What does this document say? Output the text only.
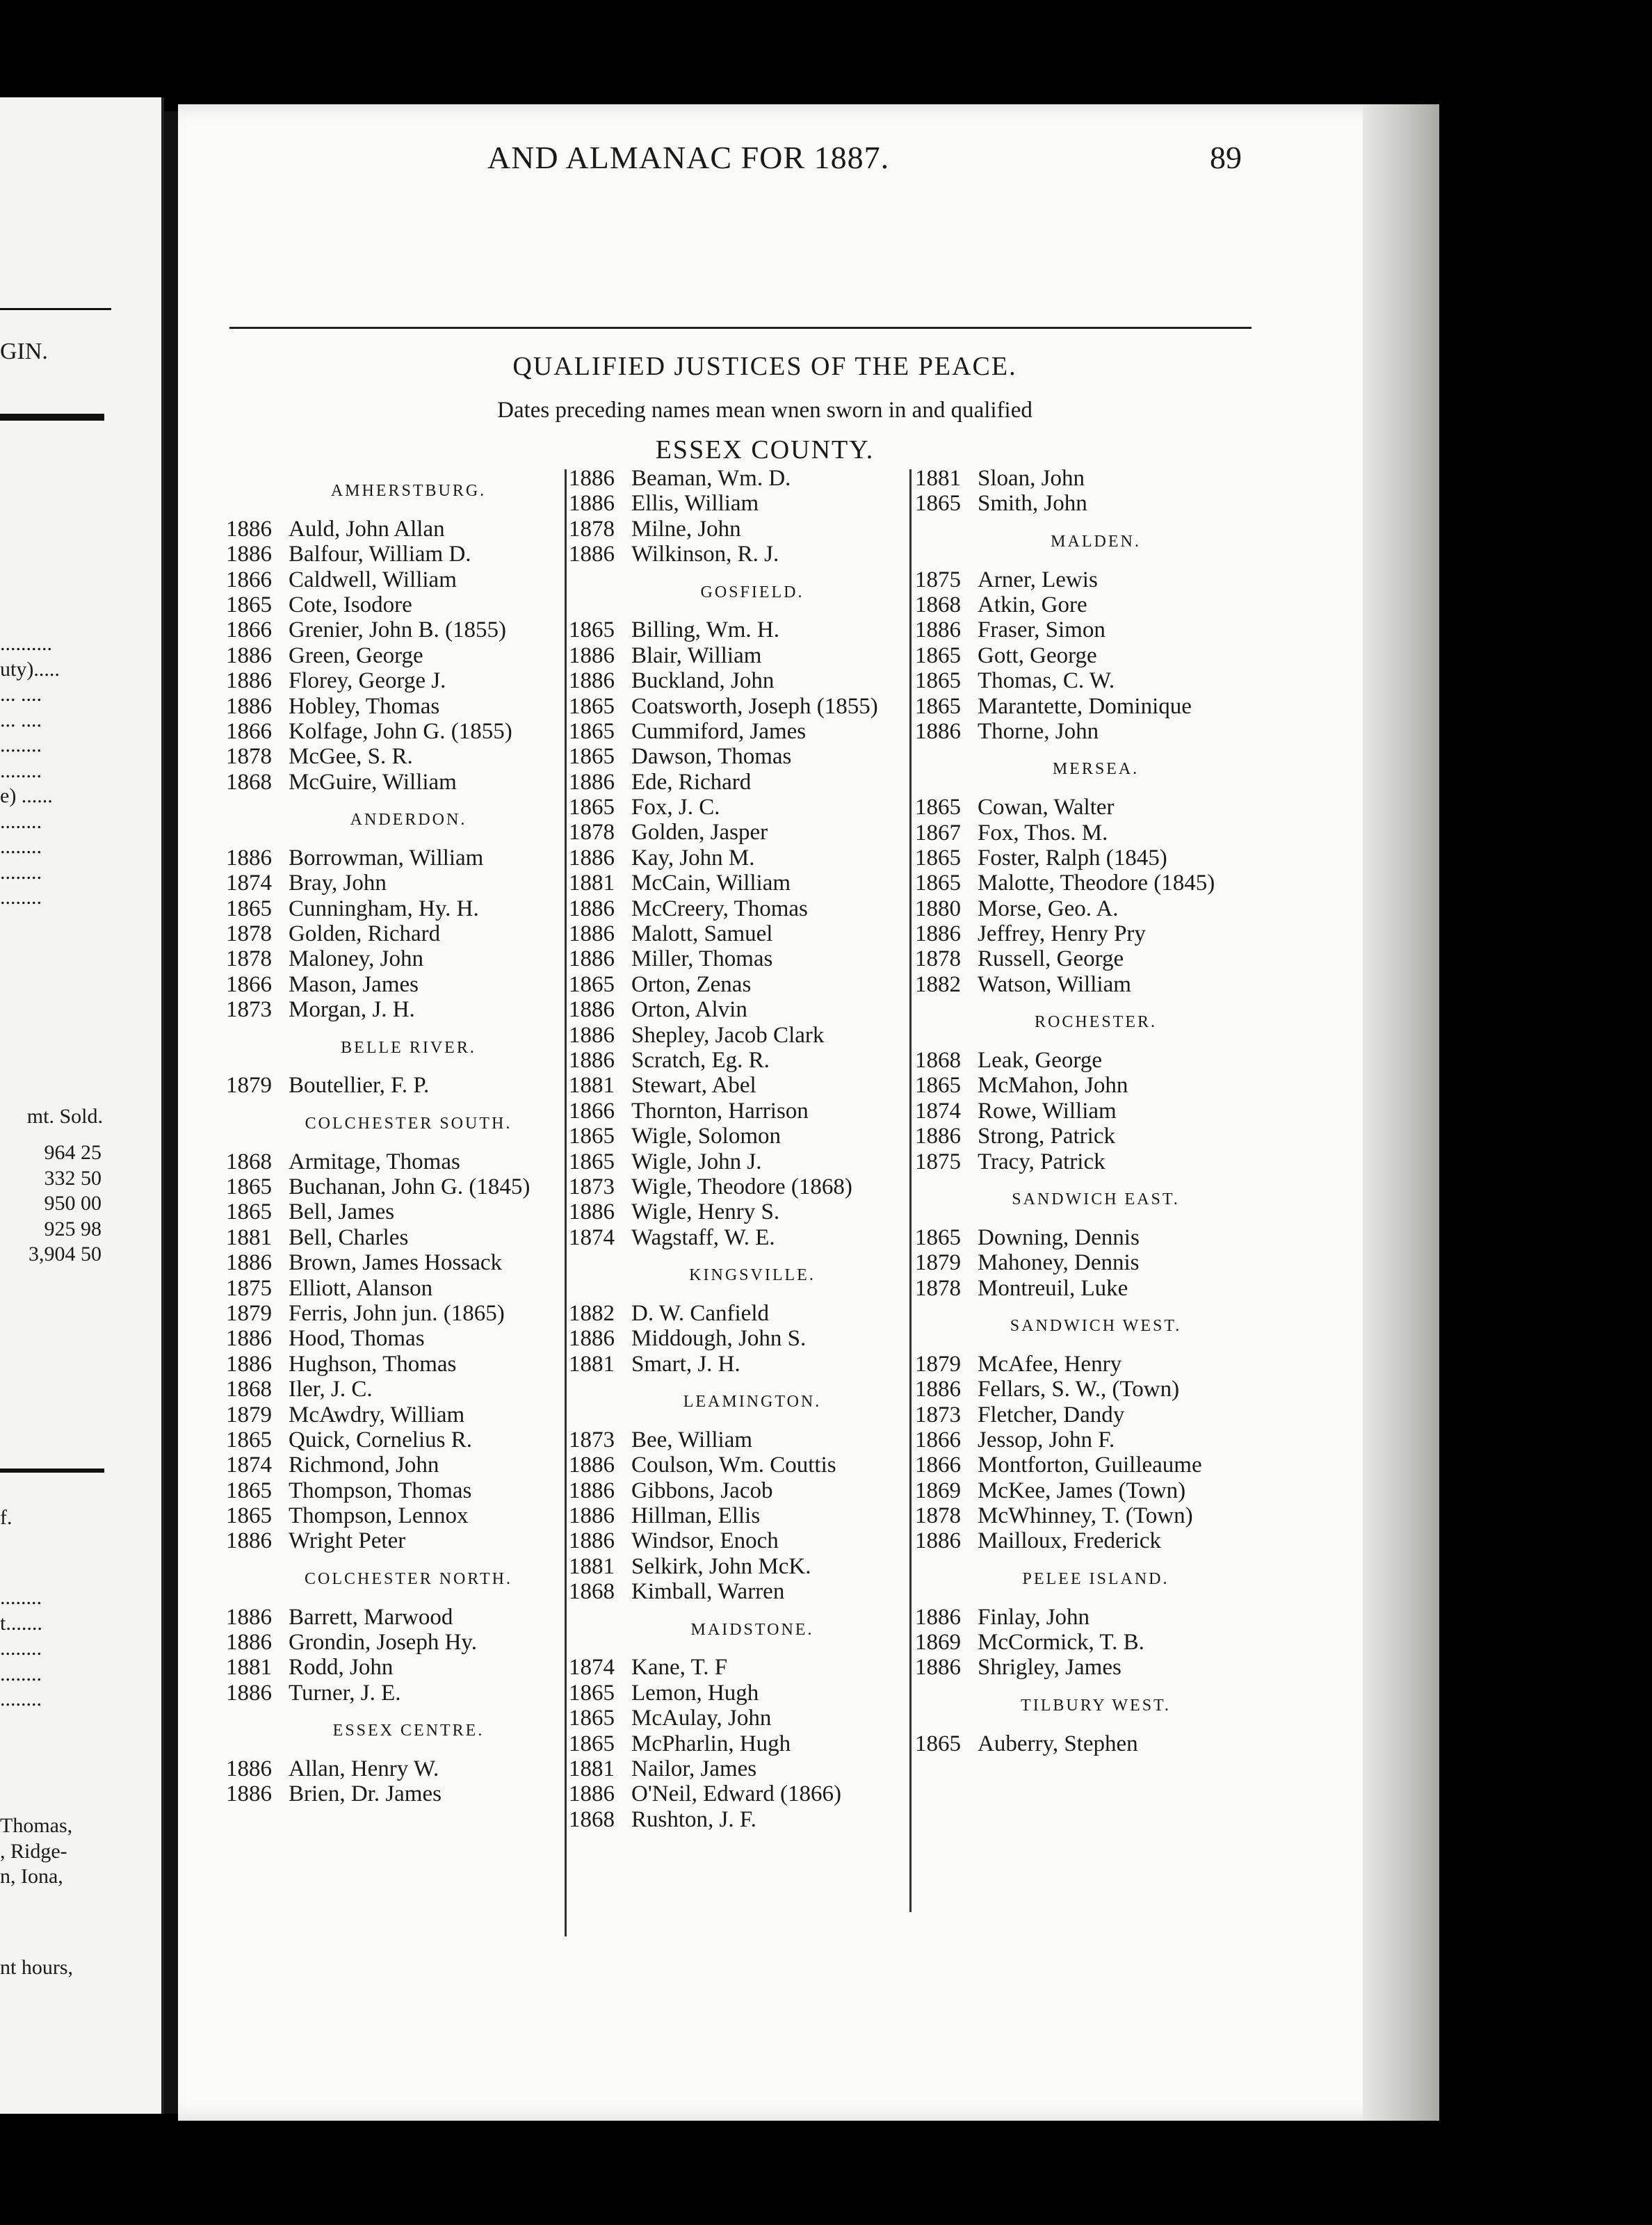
GIN.
..........
uty).....
... ....
... ....
........
........
e) ......
........
........
........
........
mt. Sold.
964 25
332 50
950 00
925 98
3,904 50
f.
........
t.......
........
........
........
Thomas,
, Ridge-
n, Iona,
nt hours,
AND ALMANAC FOR 1887.	89
QUALIFIED JUSTICES OF THE PEACE.
Dates preceding names mean wnen sworn in and qualified
ESSEX COUNTY.
AMHERSTBURG.
1886 Auld, John Allan
1886 Balfour, William D.
1866 Caldwell, William
1865 Cote, Isodore
1866 Grenier, John B. (1855)
1886 Green, George
1886 Florey, George J.
1886 Hobley, Thomas
1866 Kolfage, John G. (1855)
1878 McGee, S. R.
1868 McGuire, William
ANDERDON.
1886 Borrowman, William
1874 Bray, John
1865 Cunningham, Hy. H.
1878 Golden, Richard
1878 Maloney, John
1866 Mason, James
1873 Morgan, J. H.
BELLE RIVER.
1879 Boutellier, F. P.
COLCHESTER SOUTH.
1868 Armitage, Thomas
1865 Buchanan, John G. (1845)
1865 Bell, James
1881 Bell, Charles
1886 Brown, James Hossack
1875 Elliott, Alanson
1879 Ferris, John jun. (1865)
1886 Hood, Thomas
1886 Hughson, Thomas
1868 Iler, J. C.
1879 McAwdry, William
1865 Quick, Cornelius R.
1874 Richmond, John
1865 Thompson, Thomas
1865 Thompson, Lennox
1886 Wright Peter
COLCHESTER NORTH.
1886 Barrett, Marwood
1886 Grondin, Joseph Hy.
1881 Rodd, John
1886 Turner, J. E.
ESSEX CENTRE.
1886 Allan, Henry W.
1886 Brien, Dr. James
1886 Beaman, Wm. D.
1886 Ellis, William
1878 Milne, John
1886 Wilkinson, R. J.
GOSFIELD.
1865 Billing, Wm. H.
1886 Blair, William
1886 Buckland, John
1865 Coatsworth, Joseph (1855)
1865 Cummiford, James
1865 Dawson, Thomas
1886 Ede, Richard
1865 Fox, J. C.
1878 Golden, Jasper
1886 Kay, John M.
1881 McCain, William
1886 McCreery, Thomas
1886 Malott, Samuel
1886 Miller, Thomas
1865 Orton, Zenas
1886 Orton, Alvin
1886 Shepley, Jacob Clark
1886 Scratch, Eg. R.
1881 Stewart, Abel
1866 Thornton, Harrison
1865 Wigle, Solomon
1865 Wigle, John J.
1873 Wigle, Theodore (1868)
1886 Wigle, Henry S.
1874 Wagstaff, W. E.
KINGSVILLE.
1882 D. W. Canfield
1886 Middough, John S.
1881 Smart, J. H.
LEAMINGTON.
1873 Bee, William
1886 Coulson, Wm. Couttis
1886 Gibbons, Jacob
1886 Hillman, Ellis
1886 Windsor, Enoch
1881 Selkirk, John McK.
1868 Kimball, Warren
MAIDSTONE.
1874 Kane, T. F
1865 Lemon, Hugh
1865 McAulay, John
1865 McPharlin, Hugh
1881 Nailor, James
1886 O'Neil, Edward (1866)
1868 Rushton, J. F.
1881 Sloan, John
1865 Smith, John
MALDEN.
1875 Arner, Lewis
1868 Atkin, Gore
1886 Fraser, Simon
1865 Gott, George
1865 Thomas, C. W.
1865 Marantette, Dominique
1886 Thorne, John
MERSEA.
1865 Cowan, Walter
1867 Fox, Thos. M.
1865 Foster, Ralph (1845)
1865 Malotte, Theodore (1845)
1880 Morse, Geo. A.
1886 Jeffrey, Henry Pry
1878 Russell, George
1882 Watson, William
ROCHESTER.
1868 Leak, George
1865 McMahon, John
1874 Rowe, William
1886 Strong, Patrick
1875 Tracy, Patrick
SANDWICH EAST.
1865 Downing, Dennis
1879 Mahoney, Dennis
1878 Montreuil, Luke
SANDWICH WEST.
1879 McAfee, Henry
1886 Fellars, S. W., (Town)
1873 Fletcher, Dandy
1866 Jessop, John F.
1866 Montforton, Guilleaume
1869 McKee, James (Town)
1878 McWhinney, T. (Town)
1886 Mailloux, Frederick
PELEE ISLAND.
1886 Finlay, John
1869 McCormick, T. B.
1886 Shrigley, James
TILBURY WEST.
1865 Auberry, Stephen
